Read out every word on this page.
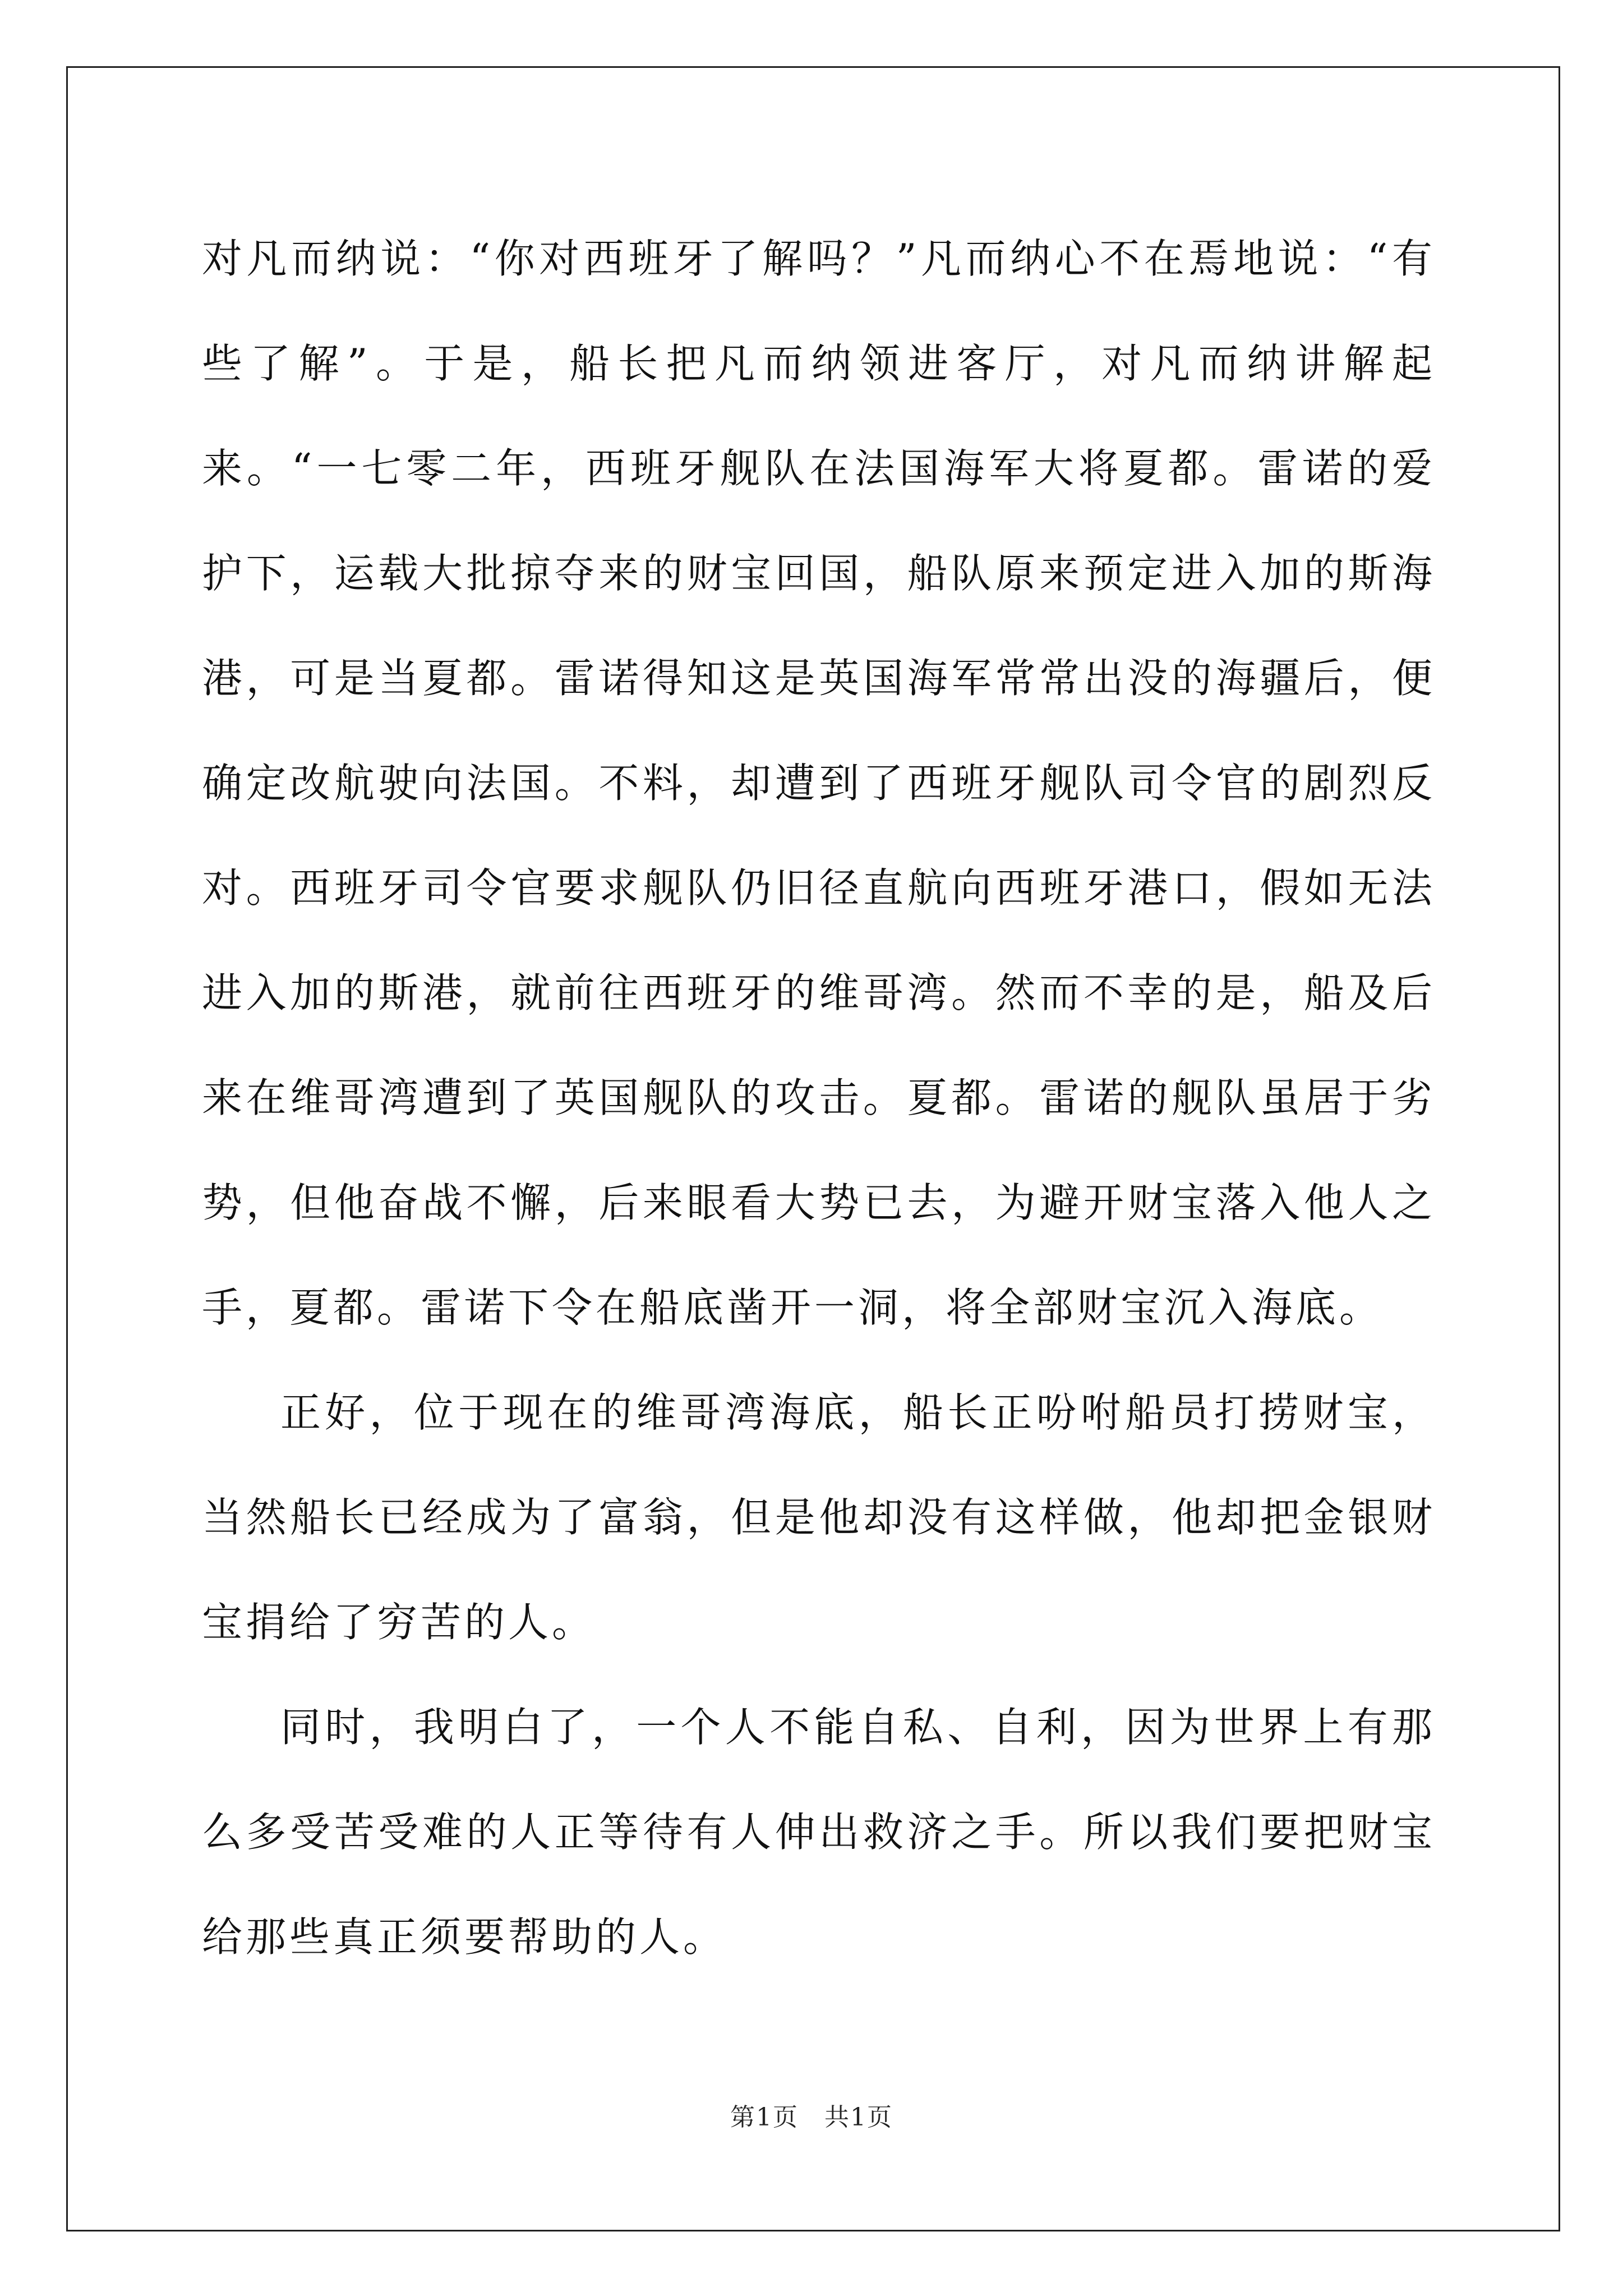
对凡而纳说：“你对西班牙了解吗？”凡而纳心不在焉地说：“有些了解”。于是，船长把凡而纳领进客厅，对凡而纳讲解起来。“一七零二年，西班牙舰队在法国海军大将夏都。雷诺的爱护下，运载大批掠夺来的财宝回国，船队原来预定进入加的斯海港，可是当夏都。雷诺得知这是英国海军常常出没的海疆后，便确定改航驶向法国。不料，却遭到了西班牙舰队司令官的剧烈反对。西班牙司令官要求舰队仍旧径直航向西班牙港口，假如无法进入加的斯港，就前往西班牙的维哥湾。然而不幸的是，船及后来在维哥湾遭到了英国舰队的攻击。夏都。雷诺的舰队虽居于劣势，但他奋战不懈，后来眼看大势已去，为避开财宝落入他人之手，夏都。雷诺下令在船底凿开一洞，将全部财宝沉入海底。

正好，位于现在的维哥湾海底，船长正吩咐船员打捞财宝，当然船长已经成为了富翁，但是他却没有这样做，他却把金银财宝捐给了穷苦的人。

同时，我明白了，一个人不能自私、自利，因为世界上有那么多受苦受难的人正等待有人伸出救济之手。所以我们要把财宝给那些真正须要帮助的人。

第1页　共1页
